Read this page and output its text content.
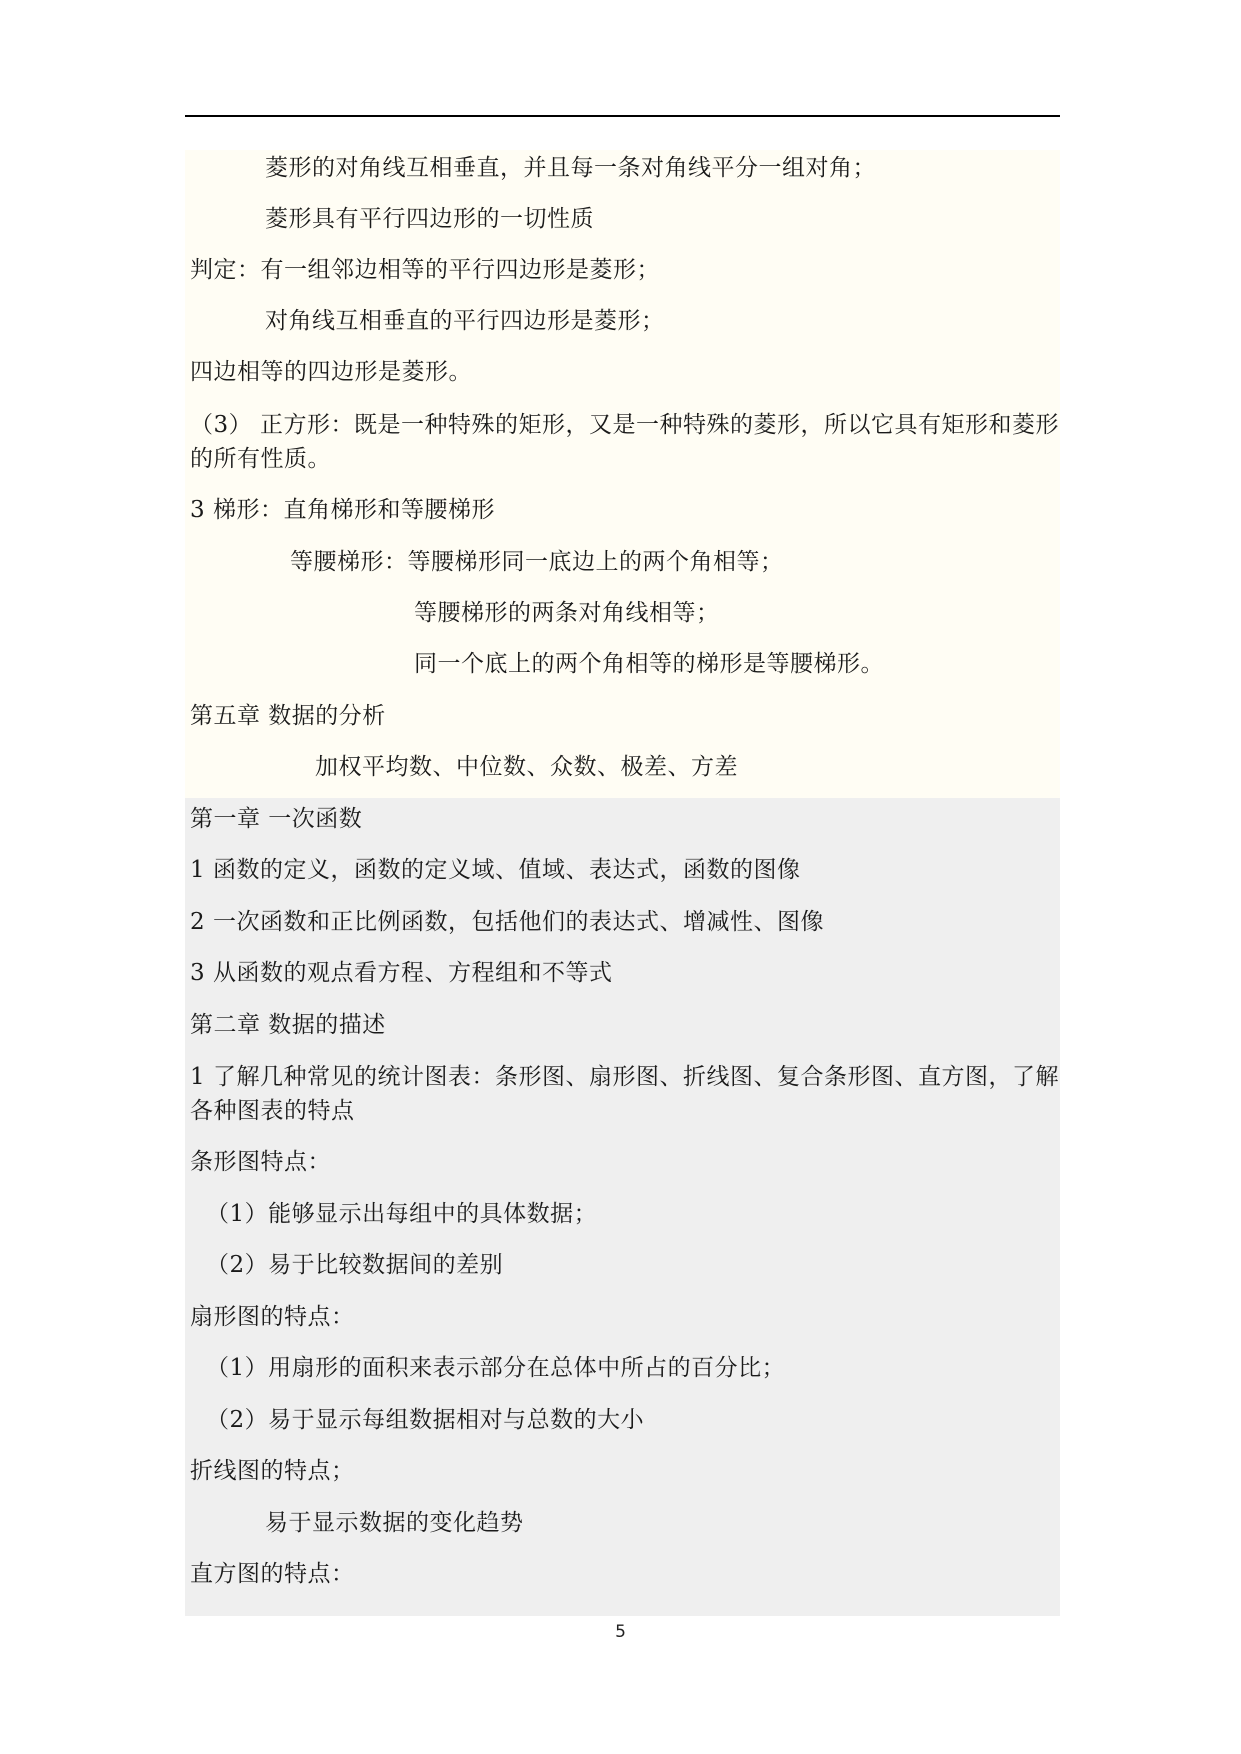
菱形的对角线互相垂直，并且每一条对角线平分一组对角；
菱形具有平行四边形的一切性质
判定：有一组邻边相等的平行四边形是菱形；
对角线互相垂直的平行四边形是菱形；
四边相等的四边形是菱形。
（3） 正方形：既是一种特殊的矩形，又是一种特殊的菱形，所以它具有矩形和菱形的所有性质。
3 梯形：直角梯形和等腰梯形
等腰梯形：等腰梯形同一底边上的两个角相等；
等腰梯形的两条对角线相等；
同一个底上的两个角相等的梯形是等腰梯形。
第五章 数据的分析
加权平均数、中位数、众数、极差、方差
第一章 一次函数
1 函数的定义，函数的定义域、值域、表达式，函数的图像
2 一次函数和正比例函数，包括他们的表达式、增减性、图像
3 从函数的观点看方程、方程组和不等式
第二章 数据的描述
1 了解几种常见的统计图表：条形图、扇形图、折线图、复合条形图、直方图，了解各种图表的特点
条形图特点：
（1）能够显示出每组中的具体数据；
（2）易于比较数据间的差别
扇形图的特点：
（1）用扇形的面积来表示部分在总体中所占的百分比；
（2）易于显示每组数据相对与总数的大小
折线图的特点；
易于显示数据的变化趋势
直方图的特点：
5
